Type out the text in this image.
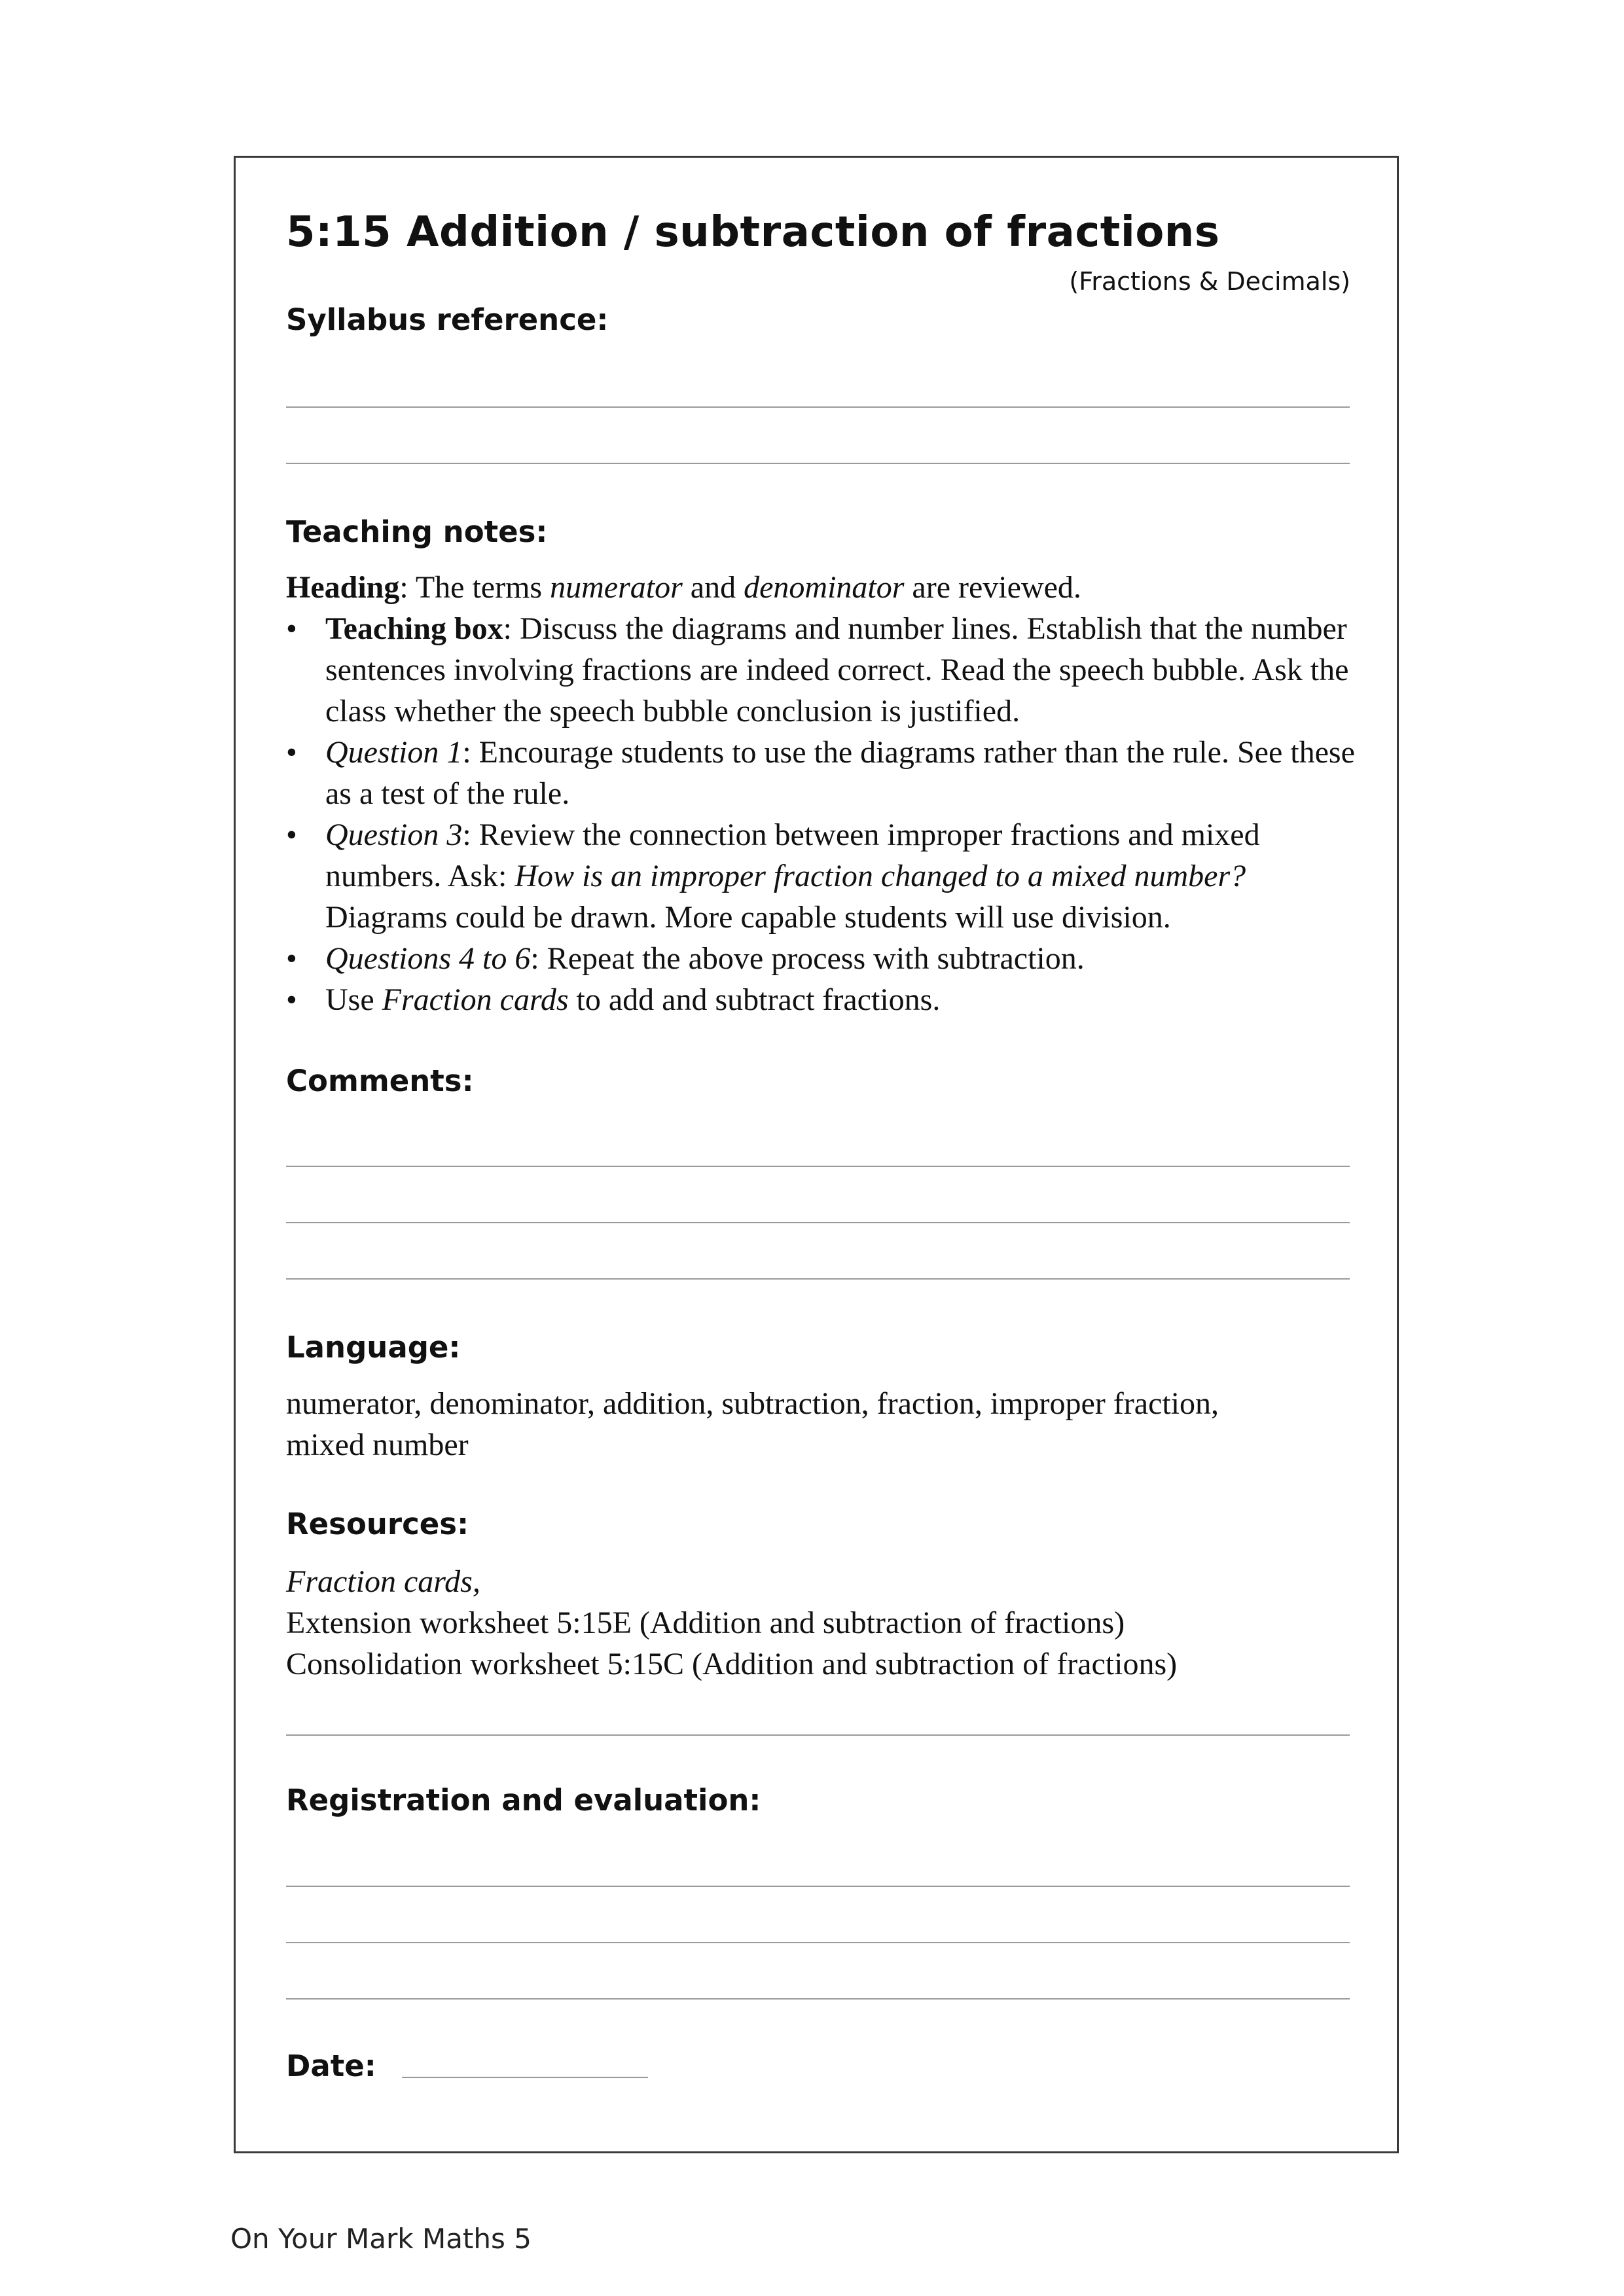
5:15 Addition / subtraction of fractions
(Fractions & Decimals)
Syllabus reference:
Teaching notes:

Heading: The terms numerator and denominator are reviewed.

• Teaching box: Discuss the diagrams and number lines. Establish that the number sentences involving fractions are indeed correct. Read the speech bubble. Ask the class whether the speech bubble conclusion is justified.
• Question 1: Encourage students to use the diagrams rather than the rule. See these as a test of the rule.
• Question 3: Review the connection between improper fractions and mixed numbers. Ask: How is an improper fraction changed to a mixed number? Diagrams could be drawn. More capable students will use division.
• Questions 4 to 6: Repeat the above process with subtraction.
• Use Fraction cards to add and subtract fractions.
Comments:
Language:
numerator, denominator, addition, subtraction, fraction, improper fraction, mixed number
Resources:

Fraction cards,

Extension worksheet 5:15E (Addition and subtraction of fractions)

Consolidation worksheet 5:15C (Addition and subtraction of fractions)

Registration and evaluation:
Date:
On Your Mark Maths 5
